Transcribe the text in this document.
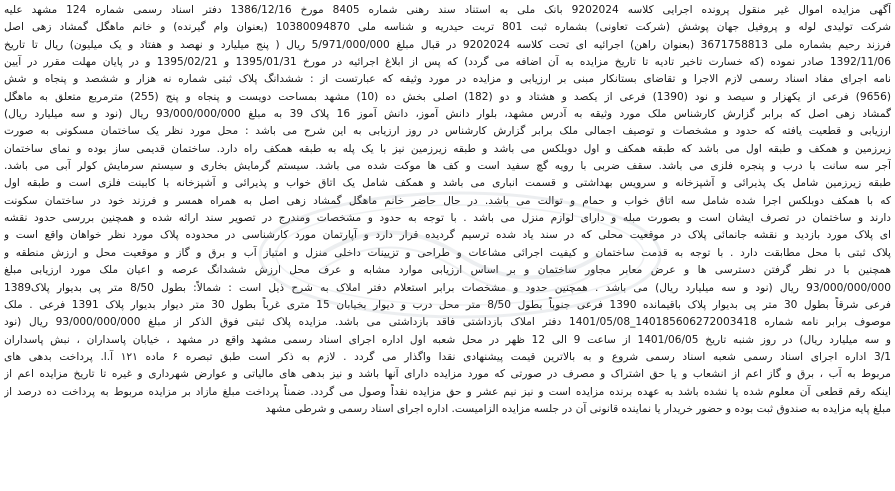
آگهی مزایده اموال غیر منقول پرونده اجرایی کلاسه 9202024 بانک ملی به استناد سند رهنی شماره 8405 مورخ 1386/12/16 دفتر اسناد رسمی شماره 124 مشهد علیه
شرکت تولیدی لوله و پروفیل جهان پوشش (شرکت تعاونی) بشماره ثبت 801 تربت حیدریه و شناسه ملی 10380094870 (بعنوان وام گیرنده) و خانم ماهگل گمشاد زهی اصل
فرزند رحیم بشماره ملی 3671758813 (بعنوان راهن) اجرائیه ای تحت کلاسه 9202024 در قبال مبلغ 5/971/000/000 ریال ( پنج میلیارد و نهصد و هفتاد و یک میلیون) ریال تا تاریخ
1392/11/06 صادر نموده (که خسارت تاخیر تادیه تا تاریخ مزایده به آن اضافه می گردد) که پس از ابلاغ اجرائیه در مورخ 1395/01/31 و 1395/02/21 و در پایان مهلت مقرر در آیین
نامه اجرای مفاد اسناد رسمی لازم الاجرا و تقاضای بستانکار مبنی بر ارزیابی و مزایده در مورد وثیقه که عبارتست از : ششدانگ پلاک ثبتی شماره نه هزار و ششصد و پنجاه و شش
(9656) فرعی از یکهزار و سیصد و نود (1390) فرعی از یکصد و هشتاد و دو (182) اصلی بخش ده (10) مشهد بمساحت دویست و پنجاه و پنج (255) مترمربع متعلق به ماهگل
گمشاد زهی اصل که برابر گزارش کارشناس ملک مورد وثیقه به آدرس مشهد، بلوار دانش آموز، دانش آموز 16 پلاک 39 به مبلغ 93/000/000/000 ریال (نود و سه میلیارد ریال)
ارزیابی و قطعیت یافته که حدود و مشخصات و توصیف اجمالی ملک برابر گزارش کارشناس در روز ارزیابی به این شرح می باشد : محل مورد نظر یک ساختمان مسکونی به صورت
زیرزمین و همکف و طبقه اول می باشد که طبقه همکف و اول دوبلکس می باشد و طبقه زیرزمین نیز با یک پله به طبقه همکف راه دارد. ساختمان قدیمی ساز بوده و نمای ساختمان
آجر سه سانت با درب و پنجره فلزی می باشد. سقف ضربی با رویه گچ سفید است و کف ها موکت شده می باشد. سیستم گرمایش بخاری و سیستم سرمایش کولر آبی می باشد.
طبقه زیرزمین شامل یک پذیرائی و آشپزخانه و سرویس بهداشتی و قسمت انباری می باشد و همکف شامل یک اتاق خواب و پذیرائی و آشپزخانه با کابینت فلزی است و طبقه اول
که با همکف دوبلکس اجرا شده شامل سه اتاق خواب و حمام و توالت می باشد. در حال حاضر خانم ماهگل گمشاد زهی اصل به همراه همسر و فرزند خود در ساختمان سکونت
دارند و ساختمان در تصرف ایشان است و بصورت مبله و دارای لوازم منزل می باشد . با توجه به حدود و مشخصات ومندرج در تصویر سند ارائه شده و همچنین بررسی حدود نقشه
ای پلاک مورد بازدید و نقشه جانمائی پلاک در موقعیت محلی که در سند یاد شده ترسیم گردیده قرار دارد و آپارتمان مورد کارشناسی در محدوده پلاک مورد نظر خواهان واقع است و
پلاک ثبتی با محل مطابقت دارد . با توجه به قدمت ساختمان و کیفیت اجرائی مشاعات و طراحی و تزیینات داخلی منزل و امتیاز آب و برق و گاز و موقعیت محل و ارزش منطقه و
همچنین با در نظر گرفتن دسترسی ها و عرض معابر مجاور ساختمان و بر اساس ارزیابی موارد مشابه و عرف محل ارزش ششدانگ عرصه و اعیان ملک مورد ارزیابی مبلغ
93/000/000/000 ریال (نود و سه میلیارد ریال) می باشد . همچنین حدود و مشخصات برابر استعلام دفتر املاک به شرح ذیل است : شمالاً: بطول 8/50 متر پی بدیوار پلاک1389
فرعی شرقاً بطول 30 متر پی بدیوار پلاک باقیمانده 1390 فرعی جنوباً بطول 8/50 متر محل درب و دیوار بخیابان 15 متری غرباً بطول 30 متر دیوار بدیوار پلاک 1391 فرعی . ملک
موصوف برابر نامه شماره 140185606272003418_1401/05/08 دفتر املاک بازداشتی فاقد بازداشتی می باشد. مزایده پلاک ثبتی فوق الذکر از مبلغ 93/000/000/000 ریال (نود
و سه میلیارد ریال) در روز شنبه تاریخ 1401/06/05 از ساعت 9 الی 12 ظهر در محل شعبه اول اداره اجرای اسناد رسمی مشهد واقع در مشهد ، خیابان پاسداران ، نبش پاسداران
3/1 اداره اجرای اسناد رسمی شعبه اسناد رسمی شروع و به بالاترین قیمت پیشنهادی نقدا واگذار می گردد . لازم به ذکر است طبق تبصره ۶ ماده ۱۲۱ آ.ا. پرداخت بدهی های
مربوط به آب ، برق و گاز اعم از انشعاب و یا حق اشتراک و مصرف در صورتی که مورد مزایده دارای آنها باشد و نیز بدهی های مالیاتی و عوارض شهرداری و غیره تا تاریخ مزایده اعم از
اینکه رقم قطعی آن معلوم شده یا نشده باشد به عهده برنده مزایده است و نیز نیم عشر و حق مزایده نقداً وصول می گردد. ضمناً پرداخت مبلغ مازاد بر مزایده مربوط به پرداخت ده درصد از
مبلغ پایه مزایده به صندوق ثبت بوده و حضور خریدار یا نماینده قانونی آن در جلسه مزایده الزامیست. اداره اجرای اسناد رسمی و شرطی مشهد
